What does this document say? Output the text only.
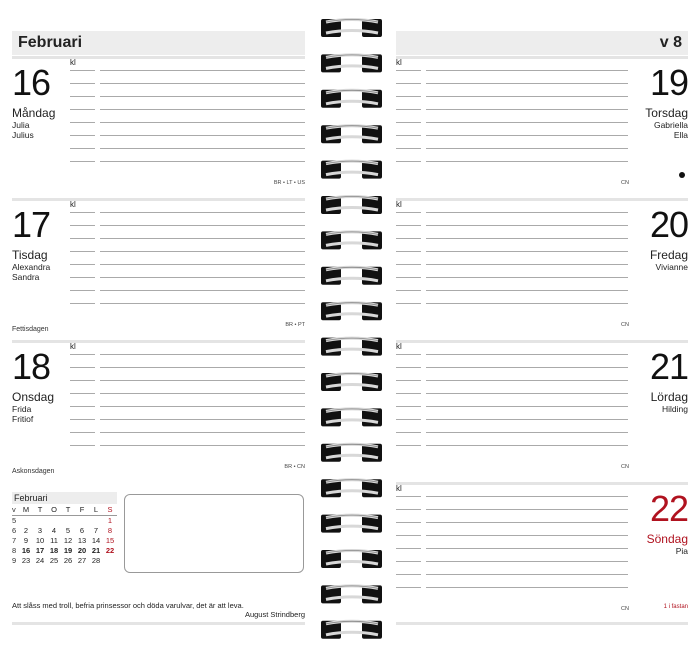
Februari
16
Måndag
Julia
Julius
kl
BR • LT • US
17
Tisdag
Alexandra
Sandra
kl
BR • PT
Fettisdagen
18
Onsdag
Frida
Fritiof
kl
BR • CN
Askonsdagen
Februari
v	M	T	O	T	F	L	S
5							1
6	2	3	4	5	6	7	8
7	9	10	11	12	13	14	15
8	16	17	18	19	20	21	22
9	23	24	25	26	27	28	
Att slåss med troll, befria prinsessor och döda varulvar, det är att leva.
August Strindberg
v 8
19
Torsdag
Gabriella
Ella
kl
CN
20
Fredag
Vivianne
kl
CN
21
Lördag
Hilding
kl
CN
22
Söndag
Pia
kl
CN	1 i fastan
